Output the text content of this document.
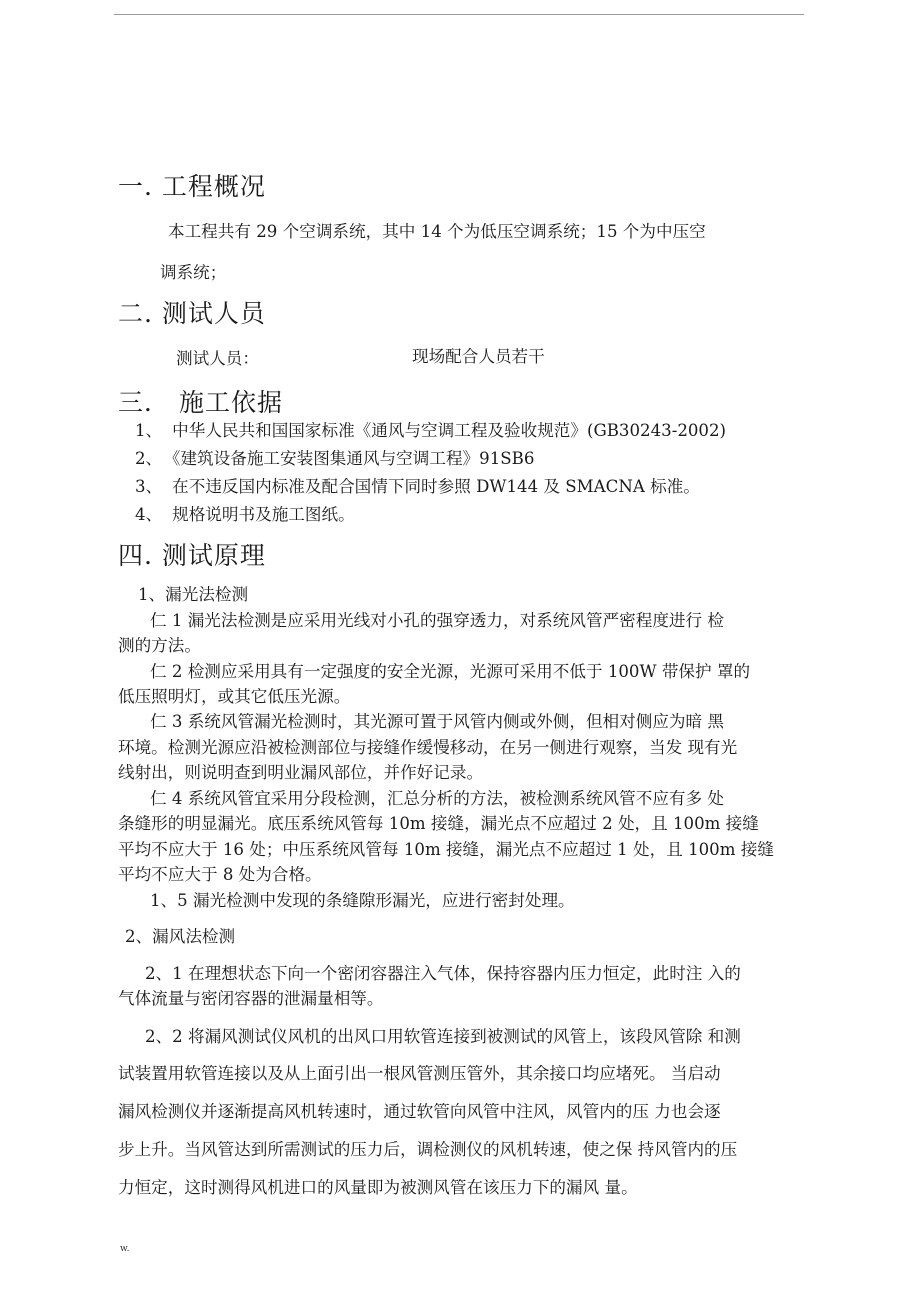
一. 工程概况
本工程共有 29 个空调系统，其中 14 个为低压空调系统；15 个为中压空
调系统；
二. 测试人员
测试人员：	现场配合人员若干
三． 施工依据
1、 中华人民共和国国家标准《通风与空调工程及验收规范》(GB30243-2002)
2、 《建筑设备施工安装图集通风与空调工程》91SB6
3、 在不违反国内标准及配合国情下同时参照 DW144 及 SMACNA 标准。
4、 规格说明书及施工图纸。
四. 测试原理
1、漏光法检测
仁 1 漏光法检测是应采用光线对小孔的强穿透力，对系统风管严密程度进行 检
测的方法。
仁 2 检测应采用具有一定强度的安全光源，光源可采用不低于 100W 带保护 罩的
低压照明灯，或其它低压光源。
仁 3 系统风管漏光检测时，其光源可置于风管内侧或外侧，但相对侧应为暗 黑
环境。检测光源应沿被检测部位与接缝作缓慢移动，在另一侧进行观察，当发 现有光
线射出，则说明查到明业漏风部位，并作好记录。
仁 4 系统风管宜采用分段检测，汇总分析的方法，被检测系统风管不应有多 处
条缝形的明显漏光。底压系统风管每 10m 接缝，漏光点不应超过 2 处，且 100m 接缝
平均不应大于 16 处；中压系统风管每 10m 接缝，漏光点不应超过 1 处，且 100m 接缝
平均不应大于 8 处为合格。
1、5 漏光检测中发现的条缝隙形漏光，应进行密封处理。
2、漏风法检测
2、1 在理想状态下向一个密闭容器注入气体，保持容器内压力恒定，此时注 入的
气体流量与密闭容器的泄漏量相等。
2、2 将漏风测试仪风机的出风口用软管连接到被测试的风管上，该段风管除 和测
试装置用软管连接以及从上面引出一根风管测压管外，其余接口均应堵死。 当启动
漏风检测仪并逐渐提高风机转速时，通过软管向风管中注风，风管内的压 力也会逐
步上升。当风管达到所需测试的压力后，调检测仪的风机转速，使之保 持风管内的压
力恒定，这时测得风机进口的风量即为被测风管在该压力下的漏风 量。
w.
